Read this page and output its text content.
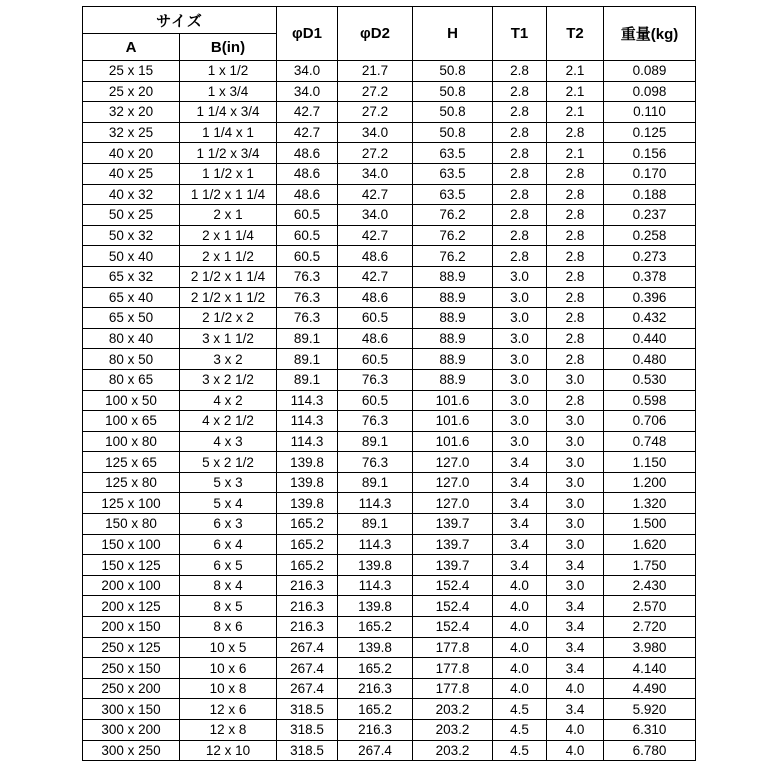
サイズ		φD1	φD2	H	T1	T2	重量(kg)
A	B(in)						
25 x 15	1 x 1/2	34.0	21.7	50.8	2.8	2.1	0.089
25 x 20	1 x 3/4	34.0	27.2	50.8	2.8	2.1	0.098
32 x 20	1 1/4 x 3/4	42.7	27.2	50.8	2.8	2.1	0.110
32 x 25	1 1/4 x 1	42.7	34.0	50.8	2.8	2.8	0.125
40 x 20	1 1/2 x 3/4	48.6	27.2	63.5	2.8	2.1	0.156
40 x 25	1 1/2 x 1	48.6	34.0	63.5	2.8	2.8	0.170
40 x 32	1 1/2 x 1 1/4	48.6	42.7	63.5	2.8	2.8	0.188
50 x 25	2 x 1	60.5	34.0	76.2	2.8	2.8	0.237
50 x 32	2 x 1 1/4	60.5	42.7	76.2	2.8	2.8	0.258
50 x 40	2 x 1 1/2	60.5	48.6	76.2	2.8	2.8	0.273
65 x 32	2 1/2 x 1 1/4	76.3	42.7	88.9	3.0	2.8	0.378
65 x 40	2 1/2 x 1 1/2	76.3	48.6	88.9	3.0	2.8	0.396
65 x 50	2 1/2 x 2	76.3	60.5	88.9	3.0	2.8	0.432
80 x 40	3 x 1 1/2	89.1	48.6	88.9	3.0	2.8	0.440
80 x 50	3 x 2	89.1	60.5	88.9	3.0	2.8	0.480
80 x 65	3 x 2 1/2	89.1	76.3	88.9	3.0	3.0	0.530
100 x 50	4 x 2	114.3	60.5	101.6	3.0	2.8	0.598
100 x 65	4 x 2 1/2	114.3	76.3	101.6	3.0	3.0	0.706
100 x 80	4 x 3	114.3	89.1	101.6	3.0	3.0	0.748
125 x 65	5 x 2 1/2	139.8	76.3	127.0	3.4	3.0	1.150
125 x 80	5 x 3	139.8	89.1	127.0	3.4	3.0	1.200
125 x 100	5 x 4	139.8	114.3	127.0	3.4	3.0	1.320
150 x 80	6 x 3	165.2	89.1	139.7	3.4	3.0	1.500
150 x 100	6 x 4	165.2	114.3	139.7	3.4	3.0	1.620
150 x 125	6 x 5	165.2	139.8	139.7	3.4	3.4	1.750
200 x 100	8 x 4	216.3	114.3	152.4	4.0	3.0	2.430
200 x 125	8 x 5	216.3	139.8	152.4	4.0	3.4	2.570
200 x 150	8 x 6	216.3	165.2	152.4	4.0	3.4	2.720
250 x 125	10 x 5	267.4	139.8	177.8	4.0	3.4	3.980
250 x 150	10 x 6	267.4	165.2	177.8	4.0	3.4	4.140
250 x 200	10 x 8	267.4	216.3	177.8	4.0	4.0	4.490
300 x 150	12 x 6	318.5	165.2	203.2	4.5	3.4	5.920
300 x 200	12 x 8	318.5	216.3	203.2	4.5	4.0	6.310
300 x 250	12 x 10	318.5	267.4	203.2	4.5	4.0	6.780
